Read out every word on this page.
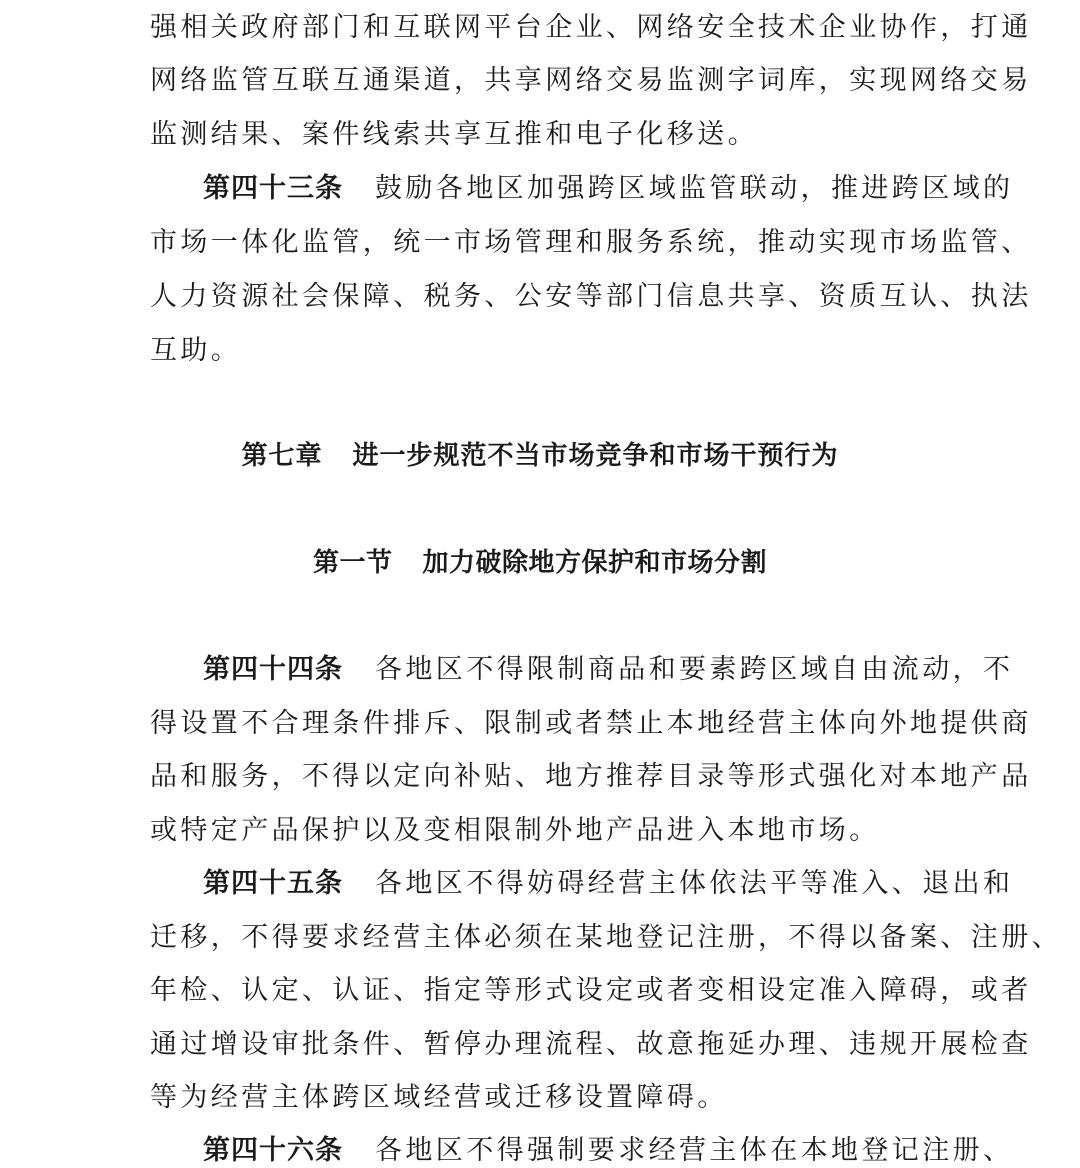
强相关政府部门和互联网平台企业、网络安全技术企业协作，打通
网络监管互联互通渠道，共享网络交易监测字词库，实现网络交易
监测结果、案件线索共享互推和电子化移送。
第四十三条 鼓励各地区加强跨区域监管联动，推进跨区域的
市场一体化监管，统一市场管理和服务系统，推动实现市场监管、
人力资源社会保障、税务、公安等部门信息共享、资质互认、执法
互助。
第七章 进一步规范不当市场竞争和市场干预行为
第一节 加力破除地方保护和市场分割
第四十四条 各地区不得限制商品和要素跨区域自由流动，不
得设置不合理条件排斥、限制或者禁止本地经营主体向外地提供商
品和服务，不得以定向补贴、地方推荐目录等形式强化对本地产品
或特定产品保护以及变相限制外地产品进入本地市场。
第四十五条 各地区不得妨碍经营主体依法平等准入、退出和
迁移，不得要求经营主体必须在某地登记注册，不得以备案、注册、
年检、认定、认证、指定等形式设定或者变相设定准入障碍，或者
通过增设审批条件、暂停办理流程、故意拖延办理、违规开展检查
等为经营主体跨区域经营或迁移设置障碍。
第四十六条 各地区不得强制要求经营主体在本地登记注册、
